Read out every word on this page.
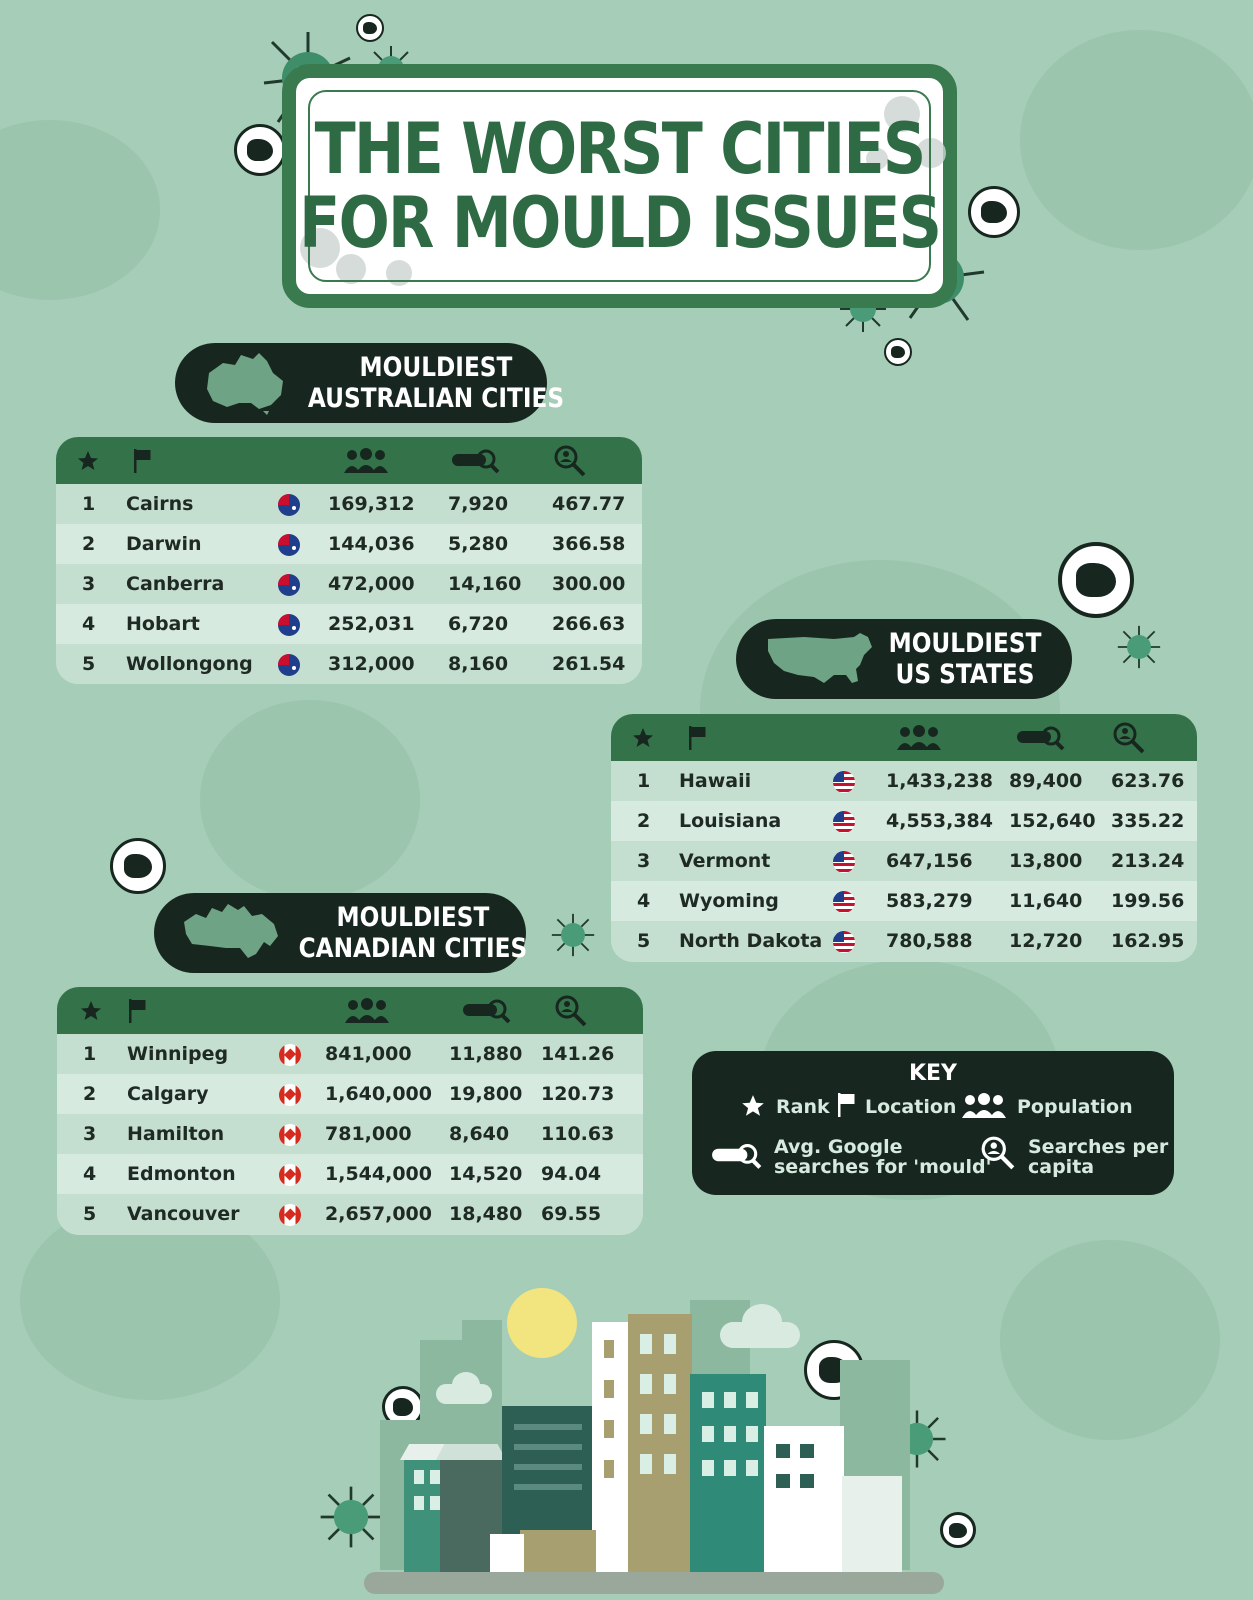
THE WORST CITIES
FOR MOULD ISSUES
MOULDIEST
AUSTRALIAN CITIES
1 Cairns	169,312 7,920 467.77
2 Darwin	144,036 5,280 366.58
3 Canberra	472,000 14,160 300.00
4 Hobart	252,031 6,720 266.63
5 Wollongong	312,000 8,160 261.54
MOULDIEST
US STATES
1 Hawaii	1,433,238 89,400 623.76
2 Louisiana	4,553,384 152,640 335.22
3 Vermont	647,156 13,800 213.24
4 Wyoming	583,279 11,640 199.56
5 North Dakota	780,588 12,720 162.95
MOULDIEST
CANADIAN CITIES
1 Winnipeg	841,000 11,880 141.26
2 Calgary	1,640,000 19,800 120.73
3 Hamilton	781,000 8,640 110.63
4 Edmonton	1,544,000 14,520 94.04
5 Vancouver	2,657,000 18,480 69.55
KEY
Rank Location	Population
Avg. Google
searches for 'mould'
Searches per
capita
